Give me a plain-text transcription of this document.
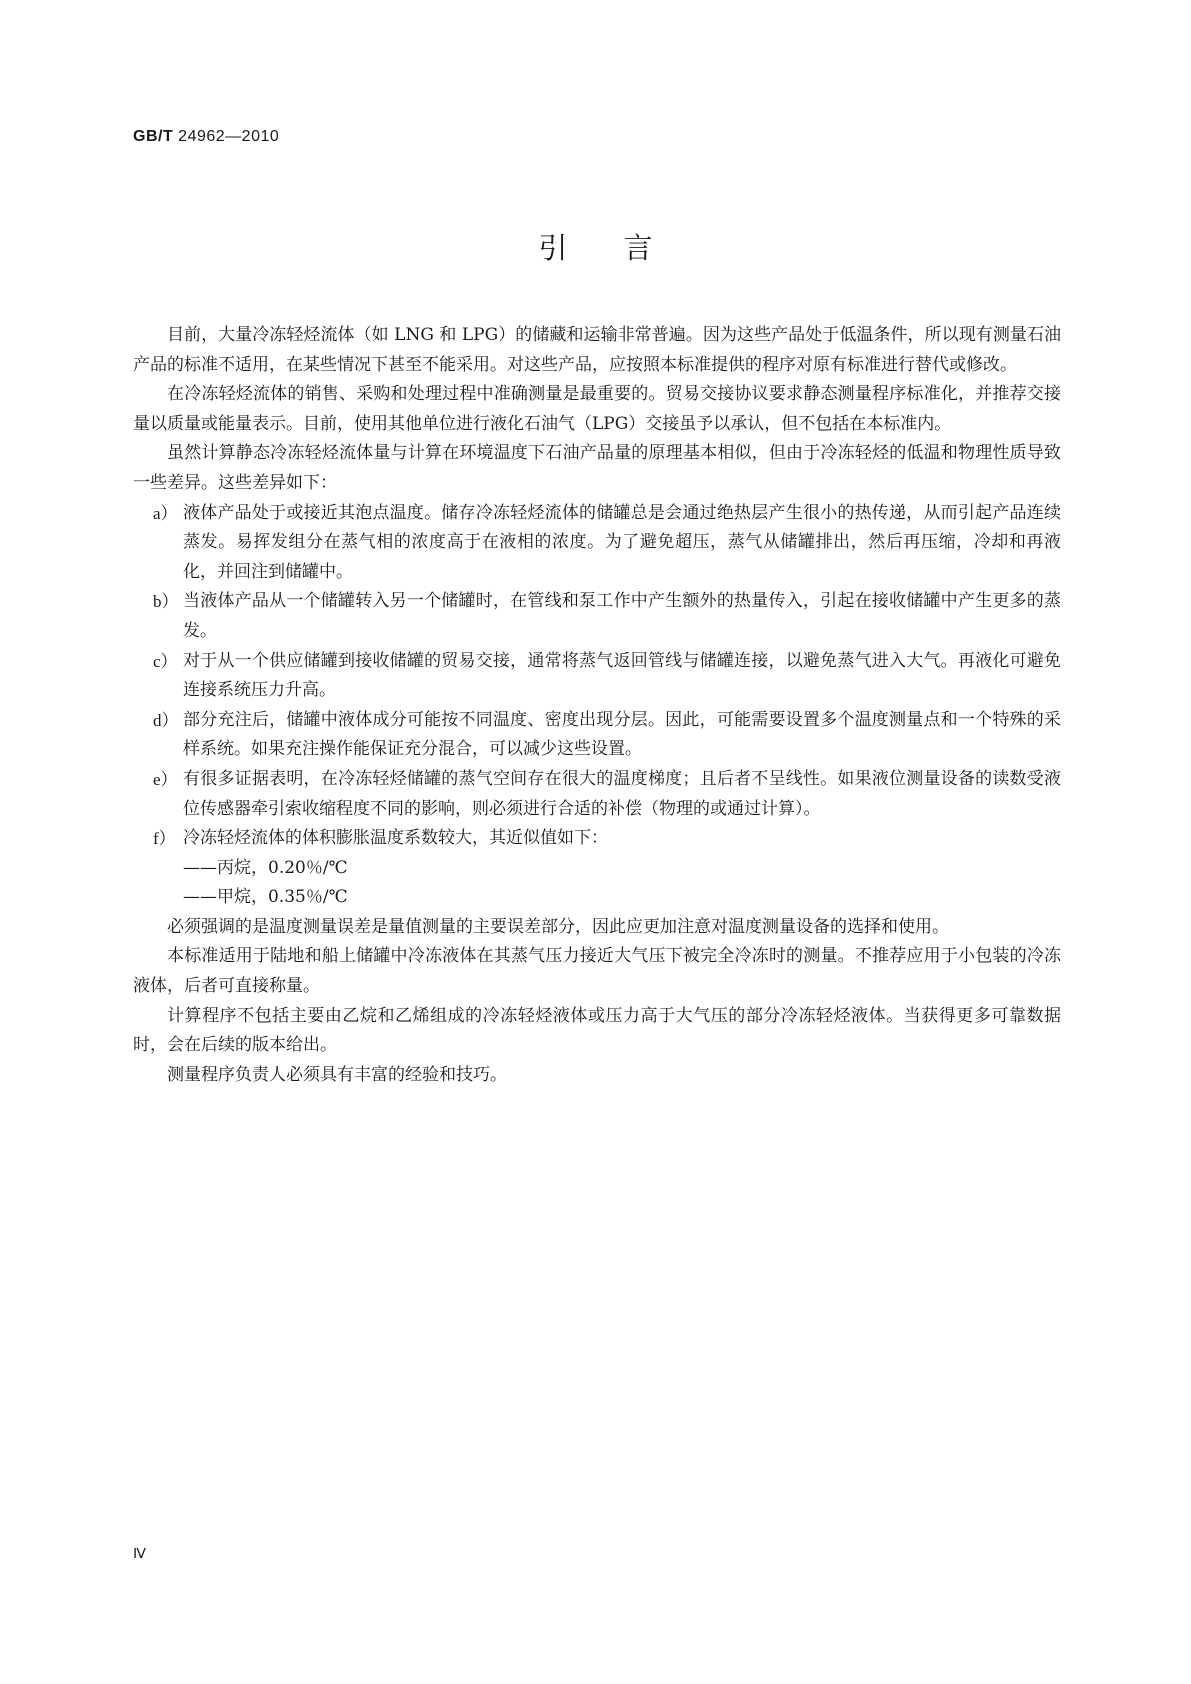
GB/T 24962—2010
引言

目前，大量冷冻轻烃流体（如 LNG 和 LPG）的储藏和运输非常普遍。因为这些产品处于低温条件，所以现有测量石油产品的标准不适用，在某些情况下甚至不能采用。对这些产品，应按照本标准提供的程序对原有标准进行替代或修改。

在冷冻轻烃流体的销售、采购和处理过程中准确测量是最重要的。贸易交接协议要求静态测量程序标准化，并推荐交接量以质量或能量表示。目前，使用其他单位进行液化石油气（LPG）交接虽予以承认，但不包括在本标准内。

虽然计算静态冷冻轻烃流体量与计算在环境温度下石油产品量的原理基本相似，但由于冷冻轻烃的低温和物理性质导致一些差异。这些差异如下：

a） 液体产品处于或接近其泡点温度。储存冷冻轻烃流体的储罐总是会通过绝热层产生很小的热传递，从而引起产品连续蒸发。易挥发组分在蒸气相的浓度高于在液相的浓度。为了避免超压，蒸气从储罐排出，然后再压缩，冷却和再液化，并回注到储罐中。
b） 当液体产品从一个储罐转入另一个储罐时，在管线和泵工作中产生额外的热量传入，引起在接收储罐中产生更多的蒸发。
c） 对于从一个供应储罐到接收储罐的贸易交接，通常将蒸气返回管线与储罐连接，以避免蒸气进入大气。再液化可避免连接系统压力升高。
d） 部分充注后，储罐中液体成分可能按不同温度、密度出现分层。因此，可能需要设置多个温度测量点和一个特殊的采样系统。如果充注操作能保证充分混合，可以减少这些设置。
e） 有很多证据表明，在冷冻轻烃储罐的蒸气空间存在很大的温度梯度；且后者不呈线性。如果液位测量设备的读数受液位传感器牵引索收缩程度不同的影响，则必须进行合适的补偿（物理的或通过计算）。
f） 冷冻轻烃流体的体积膨胀温度系数较大，其近似值如下：

——丙烷，0.20％/℃

——甲烷，0.35％/℃

必须强调的是温度测量误差是量值测量的主要误差部分，因此应更加注意对温度测量设备的选择和使用。

本标准适用于陆地和船上储罐中冷冻液体在其蒸气压力接近大气压下被完全冷冻时的测量。不推荐应用于小包装的冷冻液体，后者可直接称量。

计算程序不包括主要由乙烷和乙烯组成的冷冻轻烃液体或压力高于大气压的部分冷冻轻烃液体。当获得更多可靠数据时，会在后续的版本给出。

测量程序负责人必须具有丰富的经验和技巧。

Ⅳ
